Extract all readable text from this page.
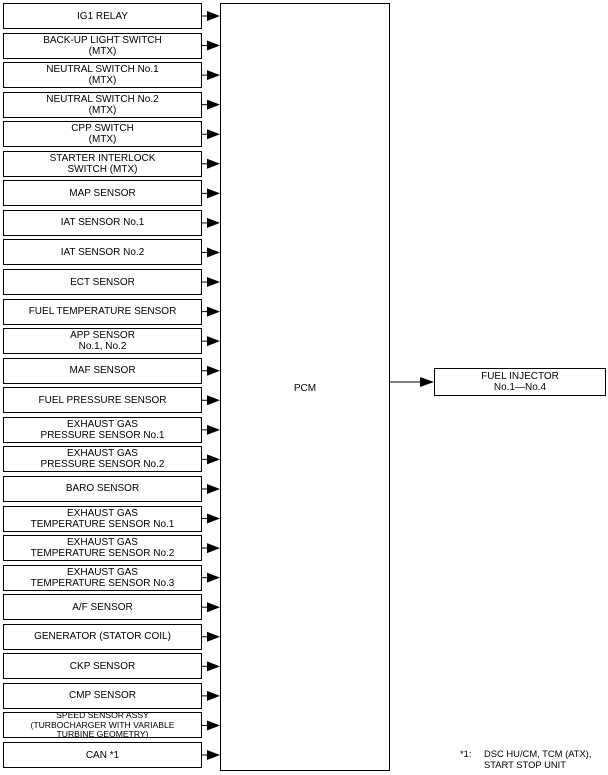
IG1 RELAY
BACK-UP LIGHT SWITCH
(MTX)
NEUTRAL SWITCH No.1
(MTX)
NEUTRAL SWITCH No.2
(MTX)
CPP SWITCH
(MTX)
STARTER INTERLOCK
SWITCH (MTX)
MAP SENSOR
IAT SENSOR No.1
IAT SENSOR No.2
ECT SENSOR
FUEL TEMPERATURE SENSOR
APP SENSOR
No.1, No.2
MAF SENSOR
FUEL PRESSURE SENSOR
EXHAUST GAS
PRESSURE SENSOR No.1
EXHAUST GAS
PRESSURE SENSOR No.2
BARO SENSOR
EXHAUST GAS
TEMPERATURE SENSOR No.1
EXHAUST GAS
TEMPERATURE SENSOR No.2
EXHAUST GAS
TEMPERATURE SENSOR No.3
A/F SENSOR
GENERATOR (STATOR COIL)
CKP SENSOR
CMP SENSOR
SPEED SENSOR ASSY
(TURBOCHARGER WITH VARIABLE
TURBINE GEOMETRY)
CAN *1
PCM
FUEL INJECTOR
No.1—No.4
*1:	DSC HU/CM, TCM (ATX),
START STOP UNIT
